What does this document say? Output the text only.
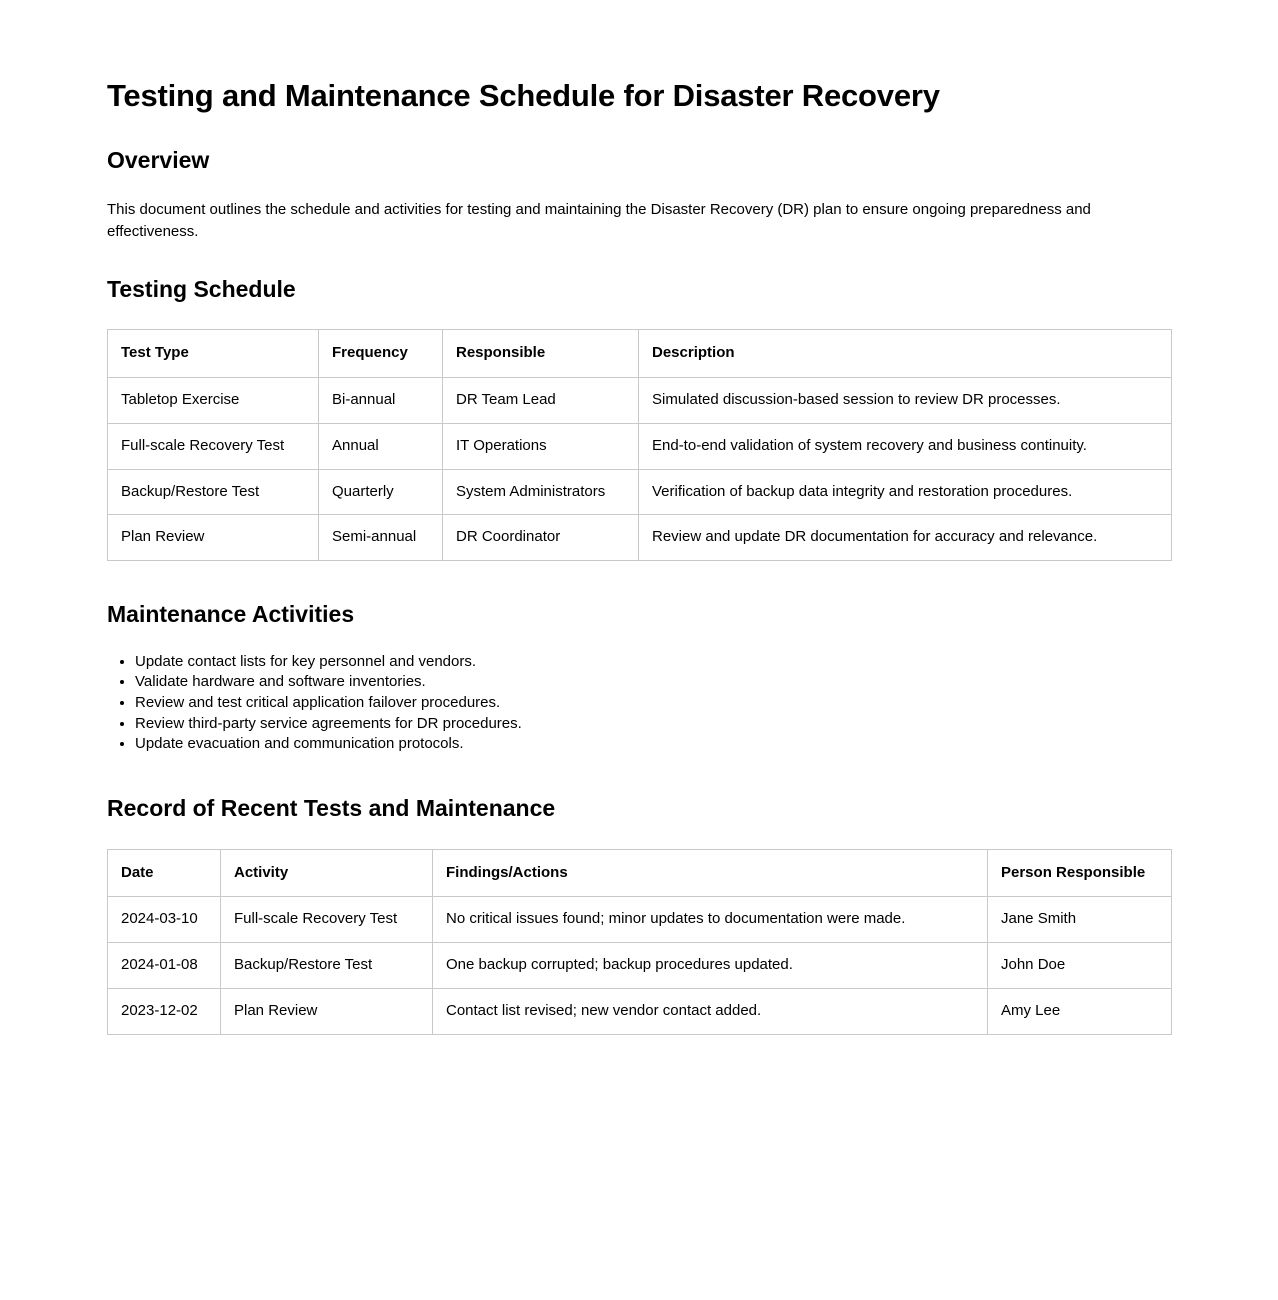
Testing and Maintenance Schedule for Disaster Recovery
Overview

This document outlines the schedule and activities for testing and maintaining the Disaster Recovery (DR) plan to ensure ongoing preparedness and effectiveness.

Testing Schedule
Test Type	Frequency	Responsible	Description
Tabletop Exercise	Bi-annual	DR Team Lead	Simulated discussion-based session to review DR processes.
Full-scale Recovery Test	Annual	IT Operations	End-to-end validation of system recovery and business continuity.
Backup/Restore Test	Quarterly	System Administrators	Verification of backup data integrity and restoration procedures.
Plan Review	Semi-annual	DR Coordinator	Review and update DR documentation for accuracy and relevance.
Maintenance Activities
• Update contact lists for key personnel and vendors.
• Validate hardware and software inventories.
• Review and test critical application failover procedures.
• Review third-party service agreements for DR procedures.
• Update evacuation and communication protocols.
Record of Recent Tests and Maintenance
Date	Activity	Findings/Actions	Person Responsible
2024-03-10	Full-scale Recovery Test	No critical issues found; minor updates to documentation were made.	Jane Smith
2024-01-08	Backup/Restore Test	One backup corrupted; backup procedures updated.	John Doe
2023-12-02	Plan Review	Contact list revised; new vendor contact added.	Amy Lee
